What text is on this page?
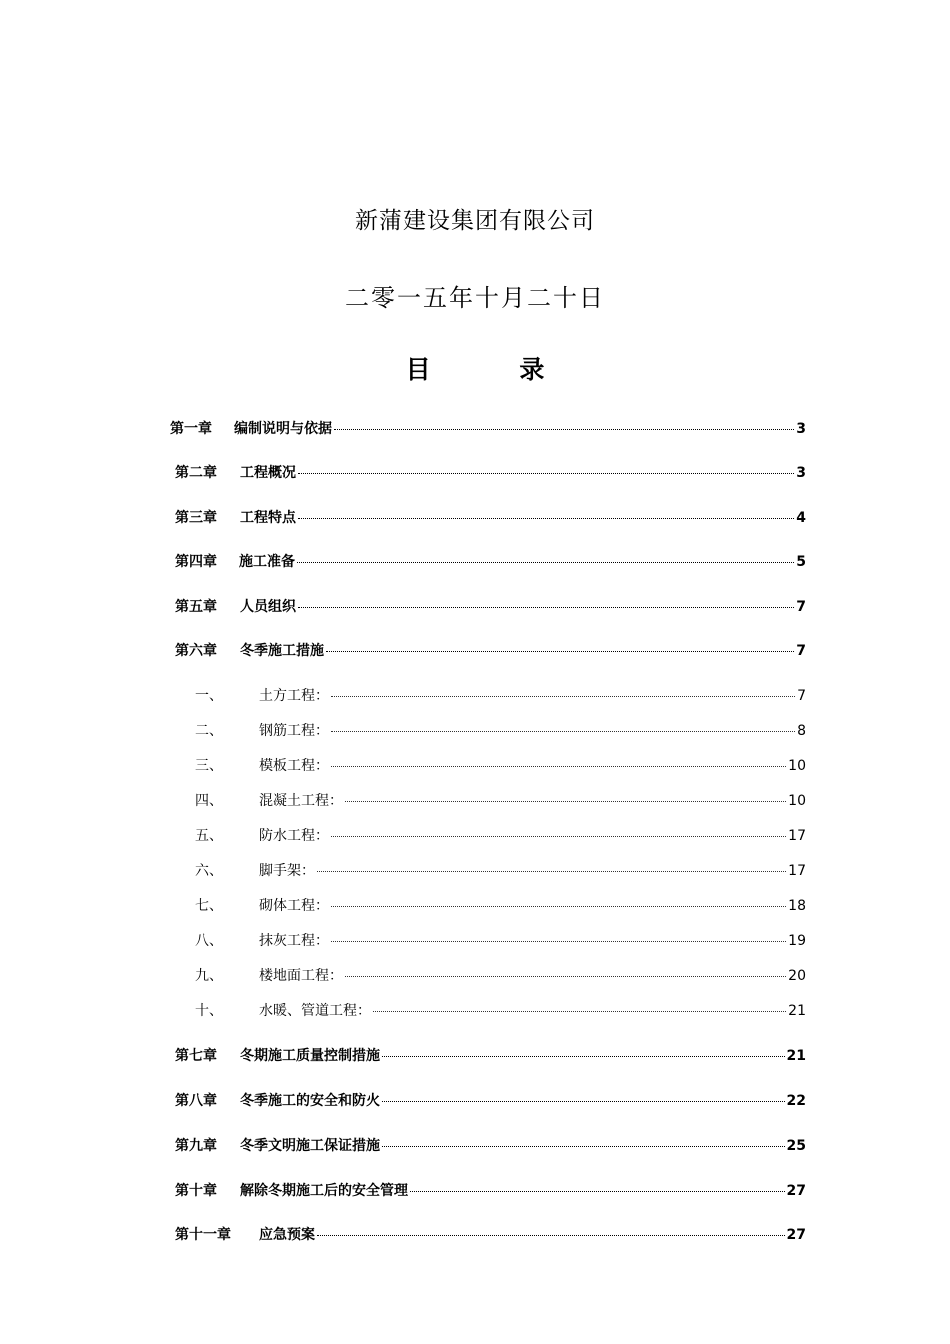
新蒲建设集团有限公司
二零一五年十月二十日
目 录
第一章	编制说明与依据	3
第二章	工程概况	3
第三章	工程特点	4
第四章	施工准备	5
第五章	人员组织	7
第六章	冬季施工措施	7
一、	土方工程：	7
二、	钢筋工程：	8
三、	模板工程：	10
四、	混凝土工程：	10
五、	防水工程：	17
六、	脚手架：	17
七、	砌体工程：	18
八、	抹灰工程：	19
九、	楼地面工程：	20
十、	水暖、管道工程：	21
第七章	冬期施工质量控制措施	21
第八章	冬季施工的安全和防火	22
第九章	冬季文明施工保证措施	25
第十章	解除冬期施工后的安全管理	27
第十一章	应急预案	27
